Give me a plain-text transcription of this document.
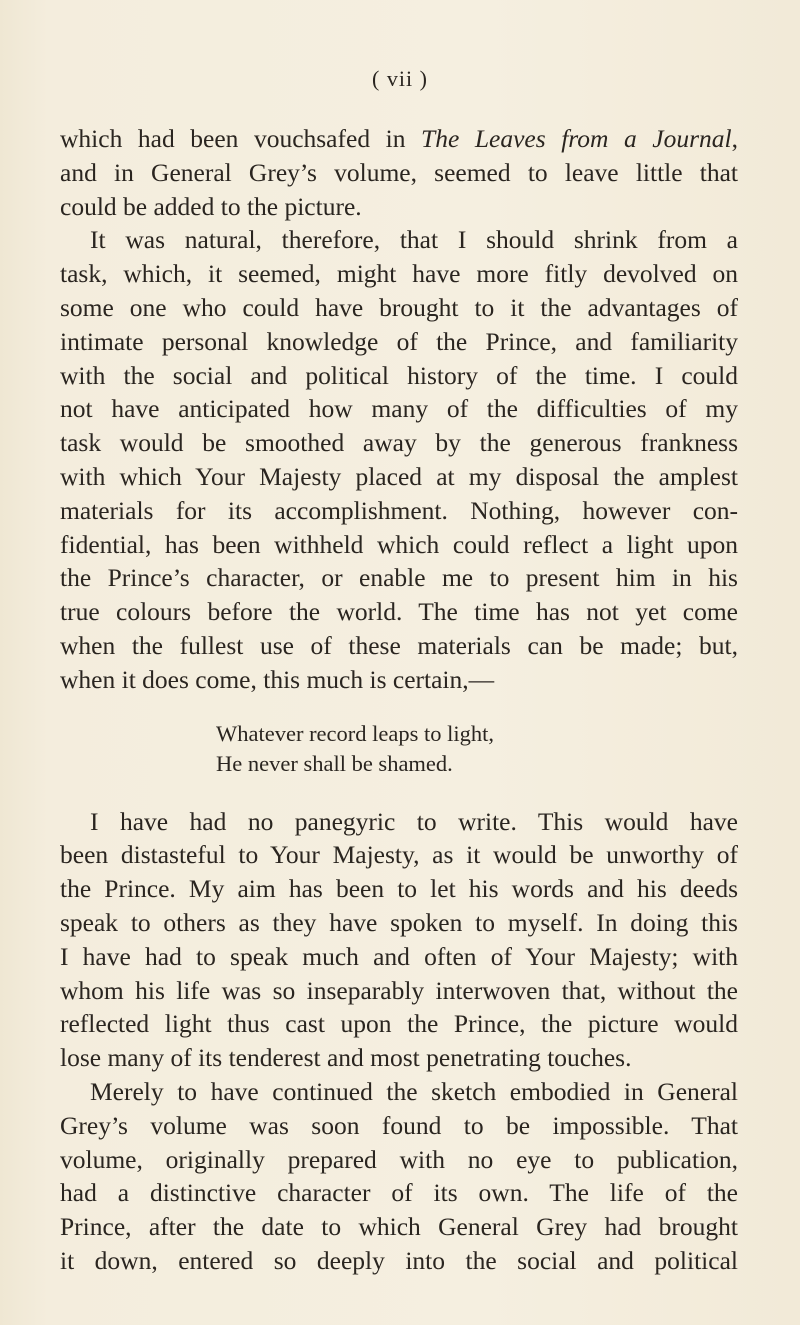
( vii )
which had been vouchsafed in The Leaves from a Journal,
and in General Grey’s volume, seemed to leave little that
could be added to the picture.
It was natural, therefore, that I should shrink from a
task, which, it seemed, might have more fitly devolved on
some one who could have brought to it the advantages of
intimate personal knowledge of the Prince, and familiarity
with the social and political history of the time. I could
not have anticipated how many of the difficulties of my
task would be smoothed away by the generous frankness
with which Your Majesty placed at my disposal the amplest
materials for its accomplishment. Nothing, however con-
fidential, has been withheld which could reflect a light upon
the Prince’s character, or enable me to present him in his
true colours before the world. The time has not yet come
when the fullest use of these materials can be made; but,
when it does come, this much is certain,—
Whatever record leaps to light,
He never shall be shamed.
I have had no panegyric to write. This would have
been distasteful to Your Majesty, as it would be unworthy of
the Prince. My aim has been to let his words and his deeds
speak to others as they have spoken to myself. In doing this
I have had to speak much and often of Your Majesty; with
whom his life was so inseparably interwoven that, without the
reflected light thus cast upon the Prince, the picture would
lose many of its tenderest and most penetrating touches.
Merely to have continued the sketch embodied in General
Grey’s volume was soon found to be impossible. That
volume, originally prepared with no eye to publication,
had a distinctive character of its own. The life of the
Prince, after the date to which General Grey had brought
it down, entered so deeply into the social and political
